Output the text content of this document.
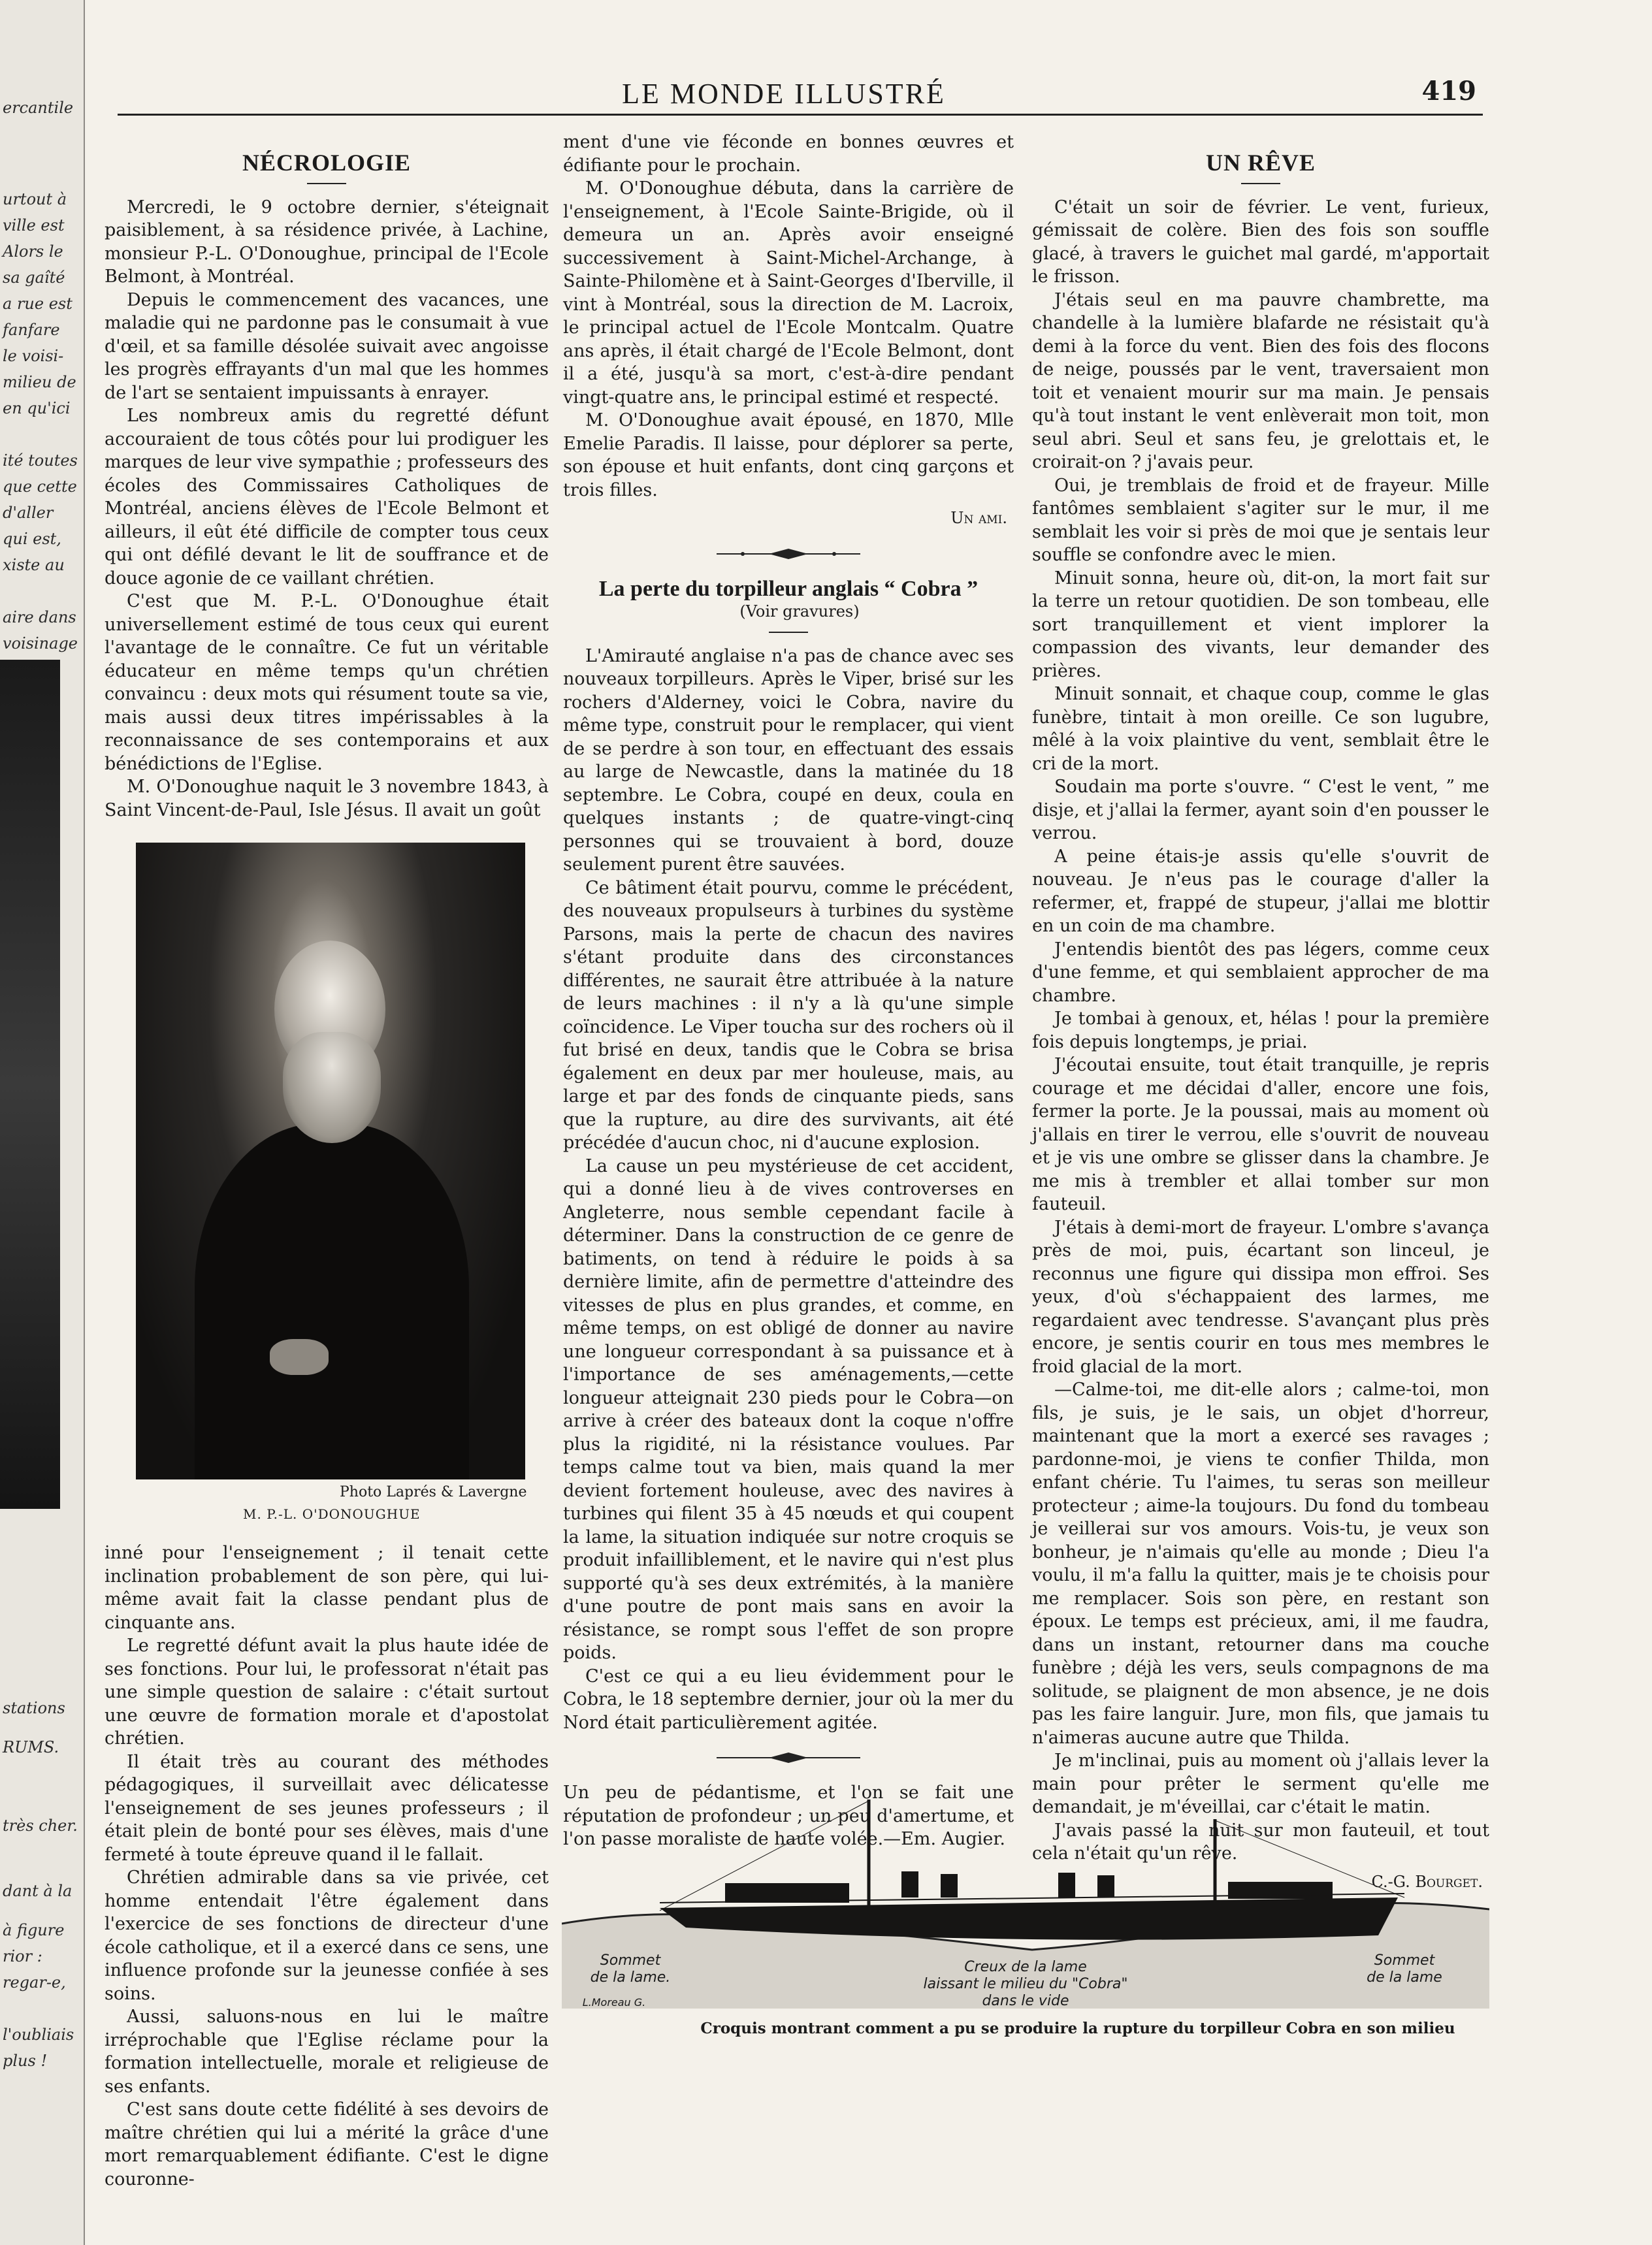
ercantile
urtout à
ville est
Alors le
sa gaîté
a rue est
fanfare
le voisi-
milieu de
en qu'ici
ité toutes
que cette
d'aller
qui est,
xiste au
aire dans
voisinage
stations
RUMS.
très cher.
dant à la
à figure
rior :
regar-e,
l'oubliais
plus !
LE MONDE ILLUSTRÉ	419
NÉCROLOGIE

Mercredi, le 9 octobre dernier, s'éteignait paisiblement, à sa résidence privée, à Lachine, monsieur P.-L. O'Donoughue, principal de l'Ecole Belmont, à Montréal.

Depuis le commencement des vacances, une maladie qui ne pardonne pas le consumait à vue d'œil, et sa famille désolée suivait avec angoisse les progrès effrayants d'un mal que les hommes de l'art se sentaient impuissants à enrayer.

Les nombreux amis du regretté défunt accouraient de tous côtés pour lui prodiguer les marques de leur vive sympathie ; professeurs des écoles des Commissaires Catholiques de Montréal, anciens élèves de l'Ecole Belmont et ailleurs, il eût été difficile de compter tous ceux qui ont défilé devant le lit de souffrance et de douce agonie de ce vaillant chrétien.

C'est que M. P.-L. O'Donoughue était universellement estimé de tous ceux qui eurent l'avantage de le connaître. Ce fut un véritable éducateur en même temps qu'un chrétien convaincu : deux mots qui résument toute sa vie, mais aussi deux titres impérissables à la reconnaissance de ses contemporains et aux bénédictions de l'Eglise.

M. O'Donoughue naquit le 3 novembre 1843, à Saint Vincent-de-Paul, Isle Jésus. Il avait un goût

Photo Laprés & Lavergne
M. P.-L. O'DONOUGHUE

inné pour l'enseignement ; il tenait cette inclination probablement de son père, qui lui-même avait fait la classe pendant plus de cinquante ans.

Le regretté défunt avait la plus haute idée de ses fonctions. Pour lui, le professorat n'était pas une simple question de salaire : c'était surtout une œuvre de formation morale et d'apostolat chrétien.

Il était très au courant des méthodes pédagogiques, il surveillait avec délicatesse l'enseignement de ses jeunes professeurs ; il était plein de bonté pour ses élèves, mais d'une fermeté à toute épreuve quand il le fallait.

Chrétien admirable dans sa vie privée, cet homme entendait l'être également dans l'exercice de ses fonctions de directeur d'une école catholique, et il a exercé dans ce sens, une influence profonde sur la jeunesse confiée à ses soins.

Aussi, saluons-nous en lui le maître irréprochable que l'Eglise réclame pour la formation intellectuelle, morale et religieuse de ses enfants.

C'est sans doute cette fidélité à ses devoirs de maître chrétien qui lui a mérité la grâce d'une mort remarquablement édifiante. C'est le digne couronne-

ment d'une vie féconde en bonnes œuvres et édifiante pour le prochain.

M. O'Donoughue débuta, dans la carrière de l'enseignement, à l'Ecole Sainte-Brigide, où il demeura un an. Après avoir enseigné successivement à Saint-Michel-Archange, à Sainte-Philomène et à Saint-Georges d'Iberville, il vint à Montréal, sous la direction de M. Lacroix, le principal actuel de l'Ecole Montcalm. Quatre ans après, il était chargé de l'Ecole Belmont, dont il a été, jusqu'à sa mort, c'est-à-dire pendant vingt-quatre ans, le principal estimé et respecté.

M. O'Donoughue avait épousé, en 1870, Mlle Emelie Paradis. Il laisse, pour déplorer sa perte, son épouse et huit enfants, dont cinq garçons et trois filles.

Un ami.
La perte du torpilleur anglais “ Cobra ”

(Voir gravures)

L'Amirauté anglaise n'a pas de chance avec ses nouveaux torpilleurs. Après le Viper, brisé sur les rochers d'Alderney, voici le Cobra, navire du même type, construit pour le remplacer, qui vient de se perdre à son tour, en effectuant des essais au large de Newcastle, dans la matinée du 18 septembre. Le Cobra, coupé en deux, coula en quelques instants ; de quatre-vingt-cinq personnes qui se trouvaient à bord, douze seulement purent être sauvées.

Ce bâtiment était pourvu, comme le précédent, des nouveaux propulseurs à turbines du système Parsons, mais la perte de chacun des navires s'étant produite dans des circonstances différentes, ne saurait être attribuée à la nature de leurs machines : il n'y a là qu'une simple coïncidence. Le Viper toucha sur des rochers où il fut brisé en deux, tandis que le Cobra se brisa également en deux par mer houleuse, mais, au large et par des fonds de cinquante pieds, sans que la rupture, au dire des survivants, ait été précédée d'aucun choc, ni d'aucune explosion.

La cause un peu mystérieuse de cet accident, qui a donné lieu à de vives controverses en Angleterre, nous semble cependant facile à déterminer. Dans la construction de ce genre de batiments, on tend à réduire le poids à sa dernière limite, afin de permettre d'atteindre des vitesses de plus en plus grandes, et comme, en même temps, on est obligé de donner au navire une longueur correspondant à sa puissance et à l'importance de ses aménagements,—cette longueur atteignait 230 pieds pour le Cobra—on arrive à créer des bateaux dont la coque n'offre plus la rigidité, ni la résistance voulues. Par temps calme tout va bien, mais quand la mer devient fortement houleuse, avec des navires à turbines qui filent 35 à 45 nœuds et qui coupent la lame, la situation indiquée sur notre croquis se produit infailliblement, et le navire qui n'est plus supporté qu'à ses deux extrémités, à la manière d'une poutre de pont mais sans en avoir la résistance, se rompt sous l'effet de son propre poids.

C'est ce qui a eu lieu évidemment pour le Cobra, le 18 septembre dernier, jour où la mer du Nord était particulièrement agitée.

Un peu de pédantisme, et l'on se fait une réputation de profondeur ; un peu d'amertume, et l'on passe moraliste de haute volée.—Em. Augier.

UN RÊVE

C'était un soir de février. Le vent, furieux, gémissait de colère. Bien des fois son souffle glacé, à travers le guichet mal gardé, m'apportait le frisson.

J'étais seul en ma pauvre chambrette, ma chandelle à la lumière blafarde ne résistait qu'à demi à la force du vent. Bien des fois des flocons de neige, poussés par le vent, traversaient mon toit et venaient mourir sur ma main. Je pensais qu'à tout instant le vent enlèverait mon toit, mon seul abri. Seul et sans feu, je grelottais et, le croirait-on ? j'avais peur.

Oui, je tremblais de froid et de frayeur. Mille fantômes semblaient s'agiter sur le mur, il me semblait les voir si près de moi que je sentais leur souffle se confondre avec le mien.

Minuit sonna, heure où, dit-on, la mort fait sur la terre un retour quotidien. De son tombeau, elle sort tranquillement et vient implorer la compassion des vivants, leur demander des prières.

Minuit sonnait, et chaque coup, comme le glas funèbre, tintait à mon oreille. Ce son lugubre, mêlé à la voix plaintive du vent, semblait être le cri de la mort.

Soudain ma porte s'ouvre. “ C'est le vent, ” me disje, et j'allai la fermer, ayant soin d'en pousser le verrou.

A peine étais-je assis qu'elle s'ouvrit de nouveau. Je n'eus pas le courage d'aller la refermer, et, frappé de stupeur, j'allai me blottir en un coin de ma chambre.

J'entendis bientôt des pas légers, comme ceux d'une femme, et qui semblaient approcher de ma chambre.

Je tombai à genoux, et, hélas ! pour la première fois depuis longtemps, je priai.

J'écoutai ensuite, tout était tranquille, je repris courage et me décidai d'aller, encore une fois, fermer la porte. Je la poussai, mais au moment où j'allais en tirer le verrou, elle s'ouvrit de nouveau et je vis une ombre se glisser dans la chambre. Je me mis à trembler et allai tomber sur mon fauteuil.

J'étais à demi-mort de frayeur. L'ombre s'avança près de moi, puis, écartant son linceul, je reconnus une figure qui dissipa mon effroi. Ses yeux, d'où s'échappaient des larmes, me regardaient avec tendresse. S'avançant plus près encore, je sentis courir en tous mes membres le froid glacial de la mort.

—Calme-toi, me dit-elle alors ; calme-toi, mon fils, je suis, je le sais, un objet d'horreur, maintenant que la mort a exercé ses ravages ; pardonne-moi, je viens te confier Thilda, mon enfant chérie. Tu l'aimes, tu seras son meilleur protecteur ; aime-la toujours. Du fond du tombeau je veillerai sur vos amours. Vois-tu, je veux son bonheur, je n'aimais qu'elle au monde ; Dieu l'a voulu, il m'a fallu la quitter, mais je te choisis pour me remplacer. Sois son père, en restant son époux. Le temps est précieux, ami, il me faudra, dans un instant, retourner dans ma couche funèbre ; déjà les vers, seuls compagnons de ma solitude, se plaignent de mon absence, je ne dois pas les faire languir. Jure, mon fils, que jamais tu n'aimeras aucune autre que Thilda.

Je m'inclinai, puis au moment où j'allais lever la main pour prêter le serment qu'elle me demandait, je m'éveillai, car c'était le matin.

J'avais passé la nuit sur mon fauteuil, et tout cela n'était qu'un rêve.

C.-G. Bourget.
Sommet
de la lame.
Creux de la lame
laissant le milieu du "Cobra"
dans le vide
Sommet
de la lame
L.Moreau G.
Croquis montrant comment a pu se produire la rupture du torpilleur Cobra en son milieu
